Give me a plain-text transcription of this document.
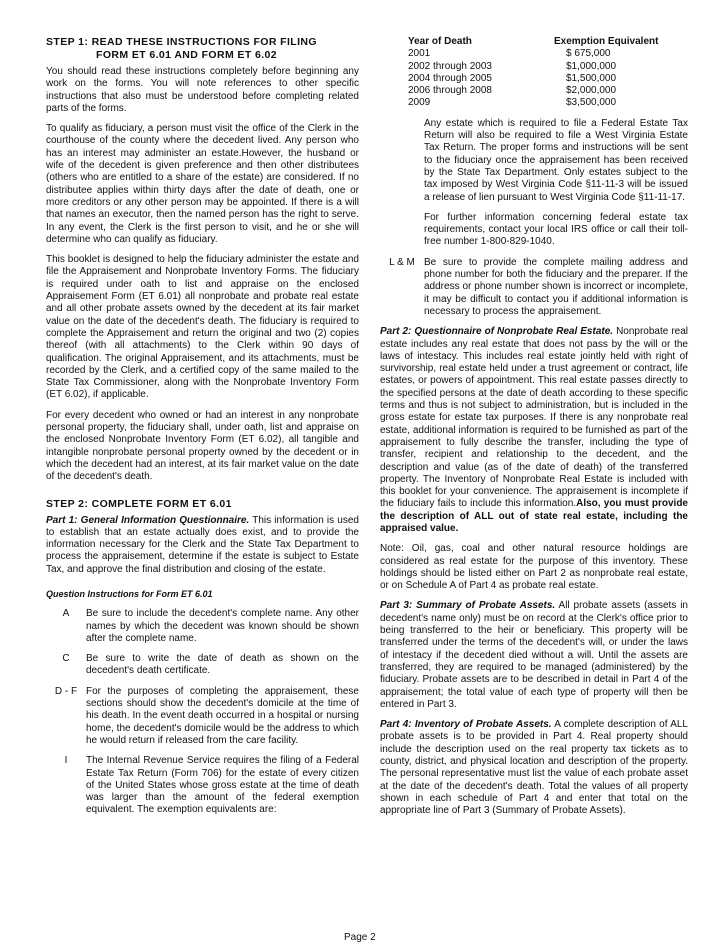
STEP 1: READ THESE INSTRUCTIONS FOR FILING
FORM ET 6.01 AND FORM ET 6.02

You should read these instructions completely before beginning any work on the forms. You will note references to other specific instructions that also must be understood before completing related parts of the forms.

To qualify as fiduciary, a person must visit the office of the Clerk in the courthouse of the county where the decedent lived. Any person who has an interest may administer an estate.However, the husband or wife of the decedent is given preference and then other distributees (others who are entitled to a share of the estate) are considered. If no distributee applies within thirty days after the date of death, one or more creditors or any other person may be appointed. If there is a will that names an executor, then the named person has the right to serve. In any event, the Clerk is the first person to visit, and he or she will determine who can qualify as fiduciary.

This booklet is designed to help the fiduciary administer the estate and file the Appraisement and Nonprobate Inventory Forms. The fiduciary is required under oath to list and appraise on the enclosed Appraisement Form (ET 6.01) all nonprobate and probate real estate and all other probate assets owned by the decedent at its fair market value on the date of the decedent's death. The fiduciary is required to complete the Appraisement and return the original and two (2) copies thereof (with all attachments) to the Clerk within 90 days of qualification. The original Appraisement, and its attachments, must be recorded by the Clerk, and a certified copy of the same mailed to the State Tax Commissioner, along with the Nonprobate Inventory Form (ET 6.02), if applicable.

For every decedent who owned or had an interest in any nonprobate personal property, the fiduciary shall, under oath, list and appraise on the enclosed Nonprobate Inventory Form (ET 6.02), all tangible and intangible nonprobate personal property owned by the decedent or in which the decedent had an interest, at its fair market value on the date of the decedent's death.

STEP 2: COMPLETE FORM ET 6.01

Part 1: General Information Questionnaire. This information is used to establish that an estate actually does exist, and to provide the information necessary for the Clerk and the State Tax Department to process the appraisement, determine if the estate is subject to Estate Tax, and approve the final distribution and closing of the estate.

Question Instructions for Form ET 6.01
A	Be sure to include the decedent's complete name. Any other names by which the decedent was known should be shown after the complete name.
C	Be sure to write the date of death as shown on the decedent's death certificate.
D - F For the purposes of completing the appraisement, these sections should show the decedent's domicile at the time of his death. In the event death occurred in a hospital or nursing home, the decedent's domicile would be the address to which he would return if released from the care facility.
I	The Internal Revenue Service requires the filing of a Federal Estate Tax Return (Form 706) for the estate of every citizen of the United States whose gross estate at the time of death was larger than the amount of the federal exemption equivalent. The exemption equivalents are:
Year of Death	Exemption Equivalent
2001	$ 675,000
2002 through 2003	$1,000,000
2004 through 2005	$1,500,000
2006 through 2008	$2,000,000
2009	$3,500,000

Any estate which is required to file a Federal Estate Tax Return will also be required to file a West Virginia Estate Tax Return. The proper forms and instructions will be sent to the fiduciary once the appraisement has been received by the State Tax Department. Only estates subject to the tax imposed by West Virginia Code §11-11-3 will be issued a release of lien pursuant to West Virginia Code §11-11-17.

For further information concerning federal estate tax requirements, contact your local IRS office or call their toll-free number 1-800-829-1040.

L & M Be sure to provide the complete mailing address and phone number for both the fiduciary and the preparer. If the address or phone number shown is incorrect or incomplete, it may be difficult to contact you if additional information is necessary to process the appraisement.

Part 2: Questionnaire of Nonprobate Real Estate. Nonprobate real estate includes any real estate that does not pass by the will or the laws of intestacy. This includes real estate jointly held with right of survivorship, real estate held under a trust agreement or contract, life estates, or powers of appointment. This real estate passes directly to the specified persons at the date of death according to these specific terms and thus is not subject to administration, but is included in the gross estate for estate tax purposes. If there is any nonprobate real estate, additional information is required to be furnished as part of the appraisement to fully describe the transfer, including the type of transfer, recipient and relationship to the decedent, and the description and value (as of the date of death) of the transferred property. The Inventory of Nonprobate Real Estate is included with this booklet for your convenience. The appraisement is incomplete if the fiduciary fails to include this information.Also, you must provide the description of ALL out of state real estate, including the appraised value.

Note: Oil, gas, coal and other natural resource holdings are considered as real estate for the purpose of this inventory. These holdings should be listed either on Part 2 as nonprobate real estate, or on Schedule A of Part 4 as probate real estate.

Part 3: Summary of Probate Assets. All probate assets (assets in decedent's name only) must be on record at the Clerk's office prior to being transferred to the heir or beneficiary. This property will be transferred under the terms of the decedent's will, or under the laws of intestacy if the decedent died without a will. Until the assets are transferred, they are required to be managed (administered) by the fiduciary. Probate assets are to be described in detail in Part 4 of the appraisement; the total value of each type of property will then be entered in Part 3.

Part 4: Inventory of Probate Assets. A complete description of ALL probate assets is to be provided in Part 4. Real property should include the description used on the real property tax tickets as to county, district, and physical location and description of the property. The personal representative must list the value of each probate asset at the date of the decedent's death. Total the values of all property shown in each schedule of Part 4 and enter that total on the appropriate line of Part 3 (Summary of Probate Assets).

Page 2
